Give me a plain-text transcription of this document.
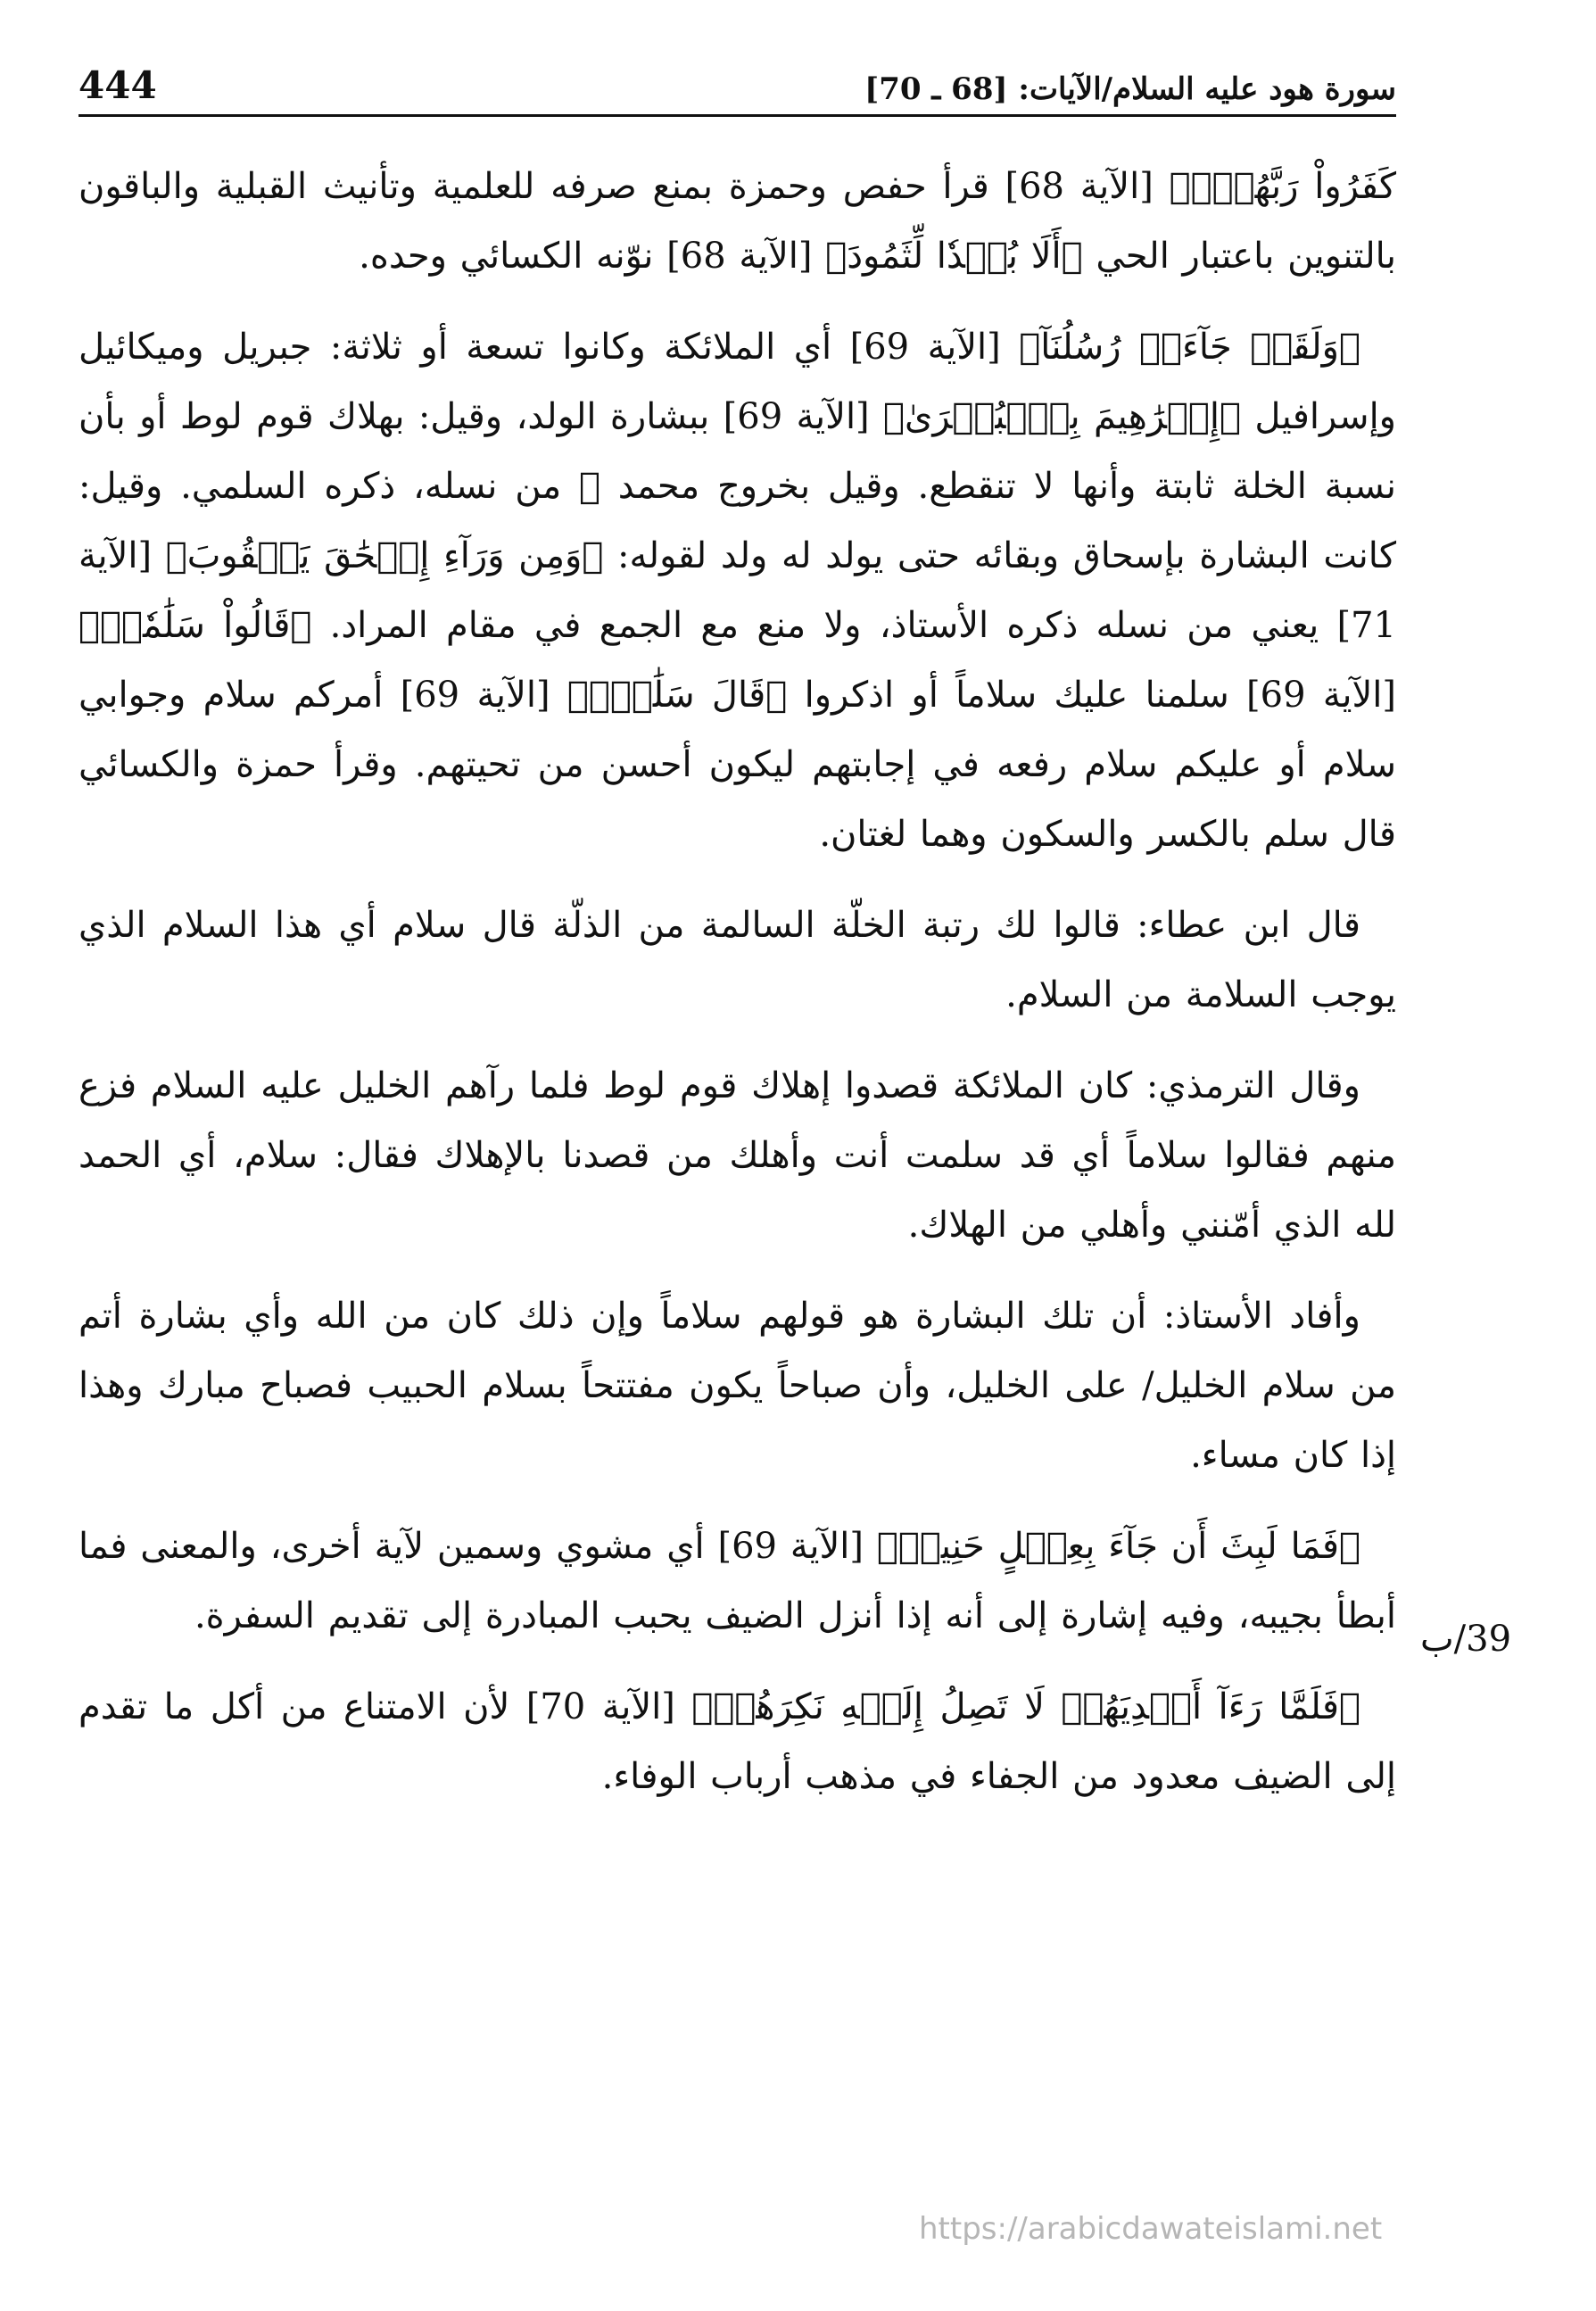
444	سورة هود عليه السلام/الآيات: [68 ـ 70]

كَفَرُواْ رَبَّهُمۡۗ﴾ [الآية 68] قرأ حفص وحمزة بمنع صرفه للعلمية وتأنيث القبلية والباقون بالتنوين باعتبار الحي ﴿أَلَا بُعۡدٗا لِّثَمُودَ﴾ [الآية 68] نوّنه الكسائي وحده.

﴿وَلَقَدۡ جَآءَتۡ رُسُلُنَآ﴾ [الآية 69] أي الملائكة وكانوا تسعة أو ثلاثة: جبريل وميكائيل وإسرافيل ﴿إِبۡرَٰهِيمَ بِٱلۡبُشۡرَىٰ﴾ [الآية 69] ببشارة الولد، وقيل: بهلاك قوم لوط أو بأن نسبة الخلة ثابتة وأنها لا تنقطع. وقيل بخروج محمد ﷺ من نسله، ذكره السلمي. وقيل: كانت البشارة بإسحاق وبقائه حتى يولد له ولد لقوله: ﴿وَمِن وَرَآءِ إِسۡحَٰقَ يَعۡقُوبَ﴾ [الآية 71] يعني من نسله ذكره الأستاذ، ولا منع مع الجمع في مقام المراد. ﴿قَالُواْ سَلَٰمٗاۖ﴾ [الآية 69] سلمنا عليك سلاماً أو اذكروا ﴿قَالَ سَلَٰمٞۖ﴾ [الآية 69] أمركم سلام وجوابي سلام أو عليكم سلام رفعه في إجابتهم ليكون أحسن من تحيتهم. وقرأ حمزة والكسائي قال سلم بالكسر والسكون وهما لغتان.

قال ابن عطاء: قالوا لك رتبة الخلّة السالمة من الذلّة قال سلام أي هذا السلام الذي يوجب السلامة من السلام.

وقال الترمذي: كان الملائكة قصدوا إهلاك قوم لوط فلما رآهم الخليل عليه السلام فزع منهم فقالوا سلاماً أي قد سلمت أنت وأهلك من قصدنا بالإهلاك فقال: سلام، أي الحمد لله الذي أمّنني وأهلي من الهلاك.

وأفاد الأستاذ: أن تلك البشارة هو قولهم سلاماً وإن ذلك كان من الله وأي بشارة أتم من سلام الخليل/ على الخليل، وأن صباحاً يكون مفتتحاً بسلام الحبيب فصباح مبارك وهذا إذا كان مساء.

﴿فَمَا لَبِثَ أَن جَآءَ بِعِجۡلٍ حَنِيذٖ﴾ [الآية 69] أي مشوي وسمين لآية أخرى، والمعنى فما أبطأ بجيبه، وفيه إشارة إلى أنه إذا أنزل الضيف يحبب المبادرة إلى تقديم السفرة.

﴿فَلَمَّا رَءَآ أَيۡدِيَهُمۡ لَا تَصِلُ إِلَيۡهِ نَكِرَهُمۡ﴾ [الآية 70] لأن الامتناع من أكل ما تقدم إلى الضيف معدود من الجفاء في مذهب أرباب الوفاء.

39/ب
https://arabicdawateislami.net
